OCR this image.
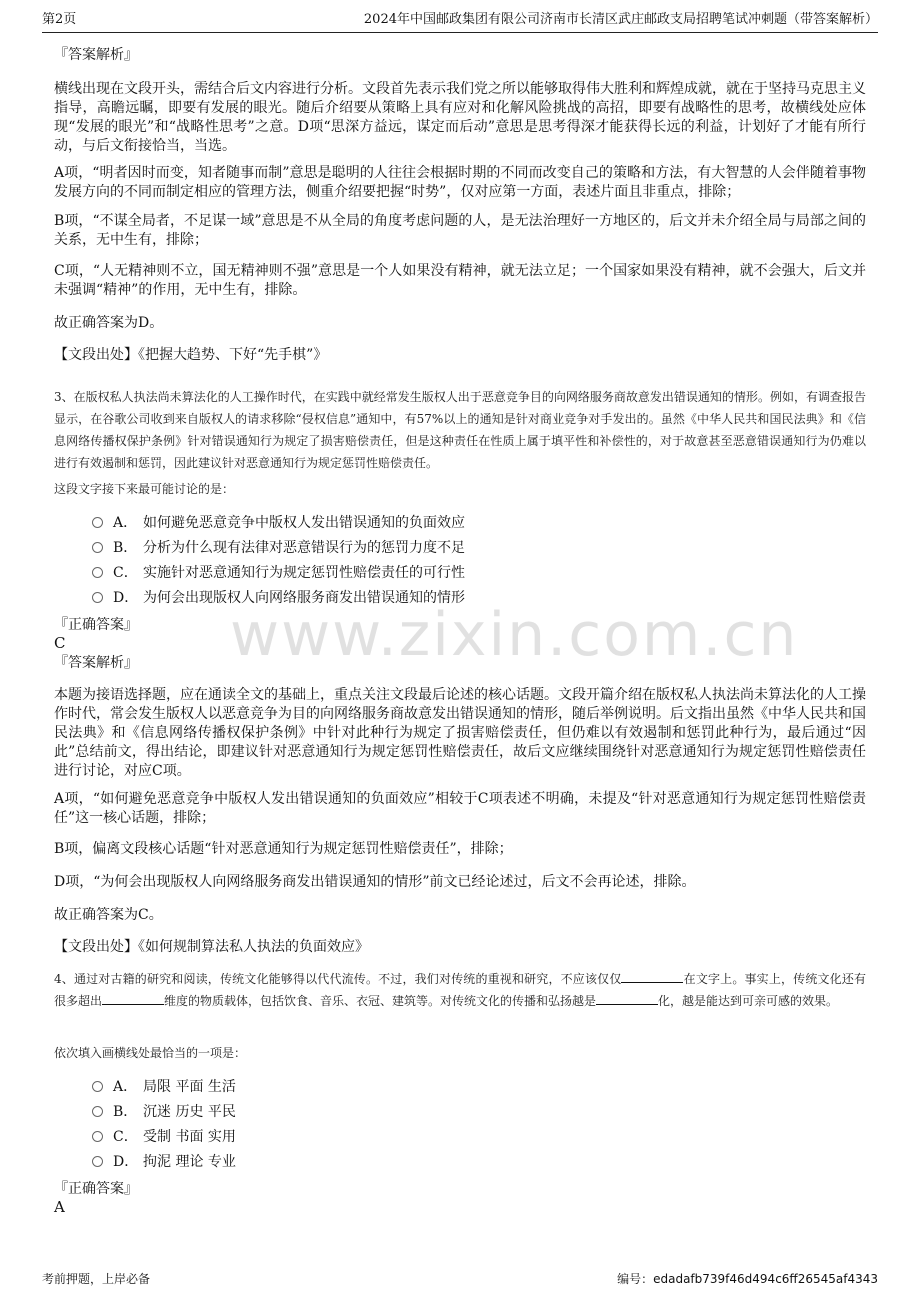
第2页	2024年中国邮政集团有限公司济南市长清区武庄邮政支局招聘笔试冲刺题（带答案解析）
『答案解析』
横线出现在文段开头，需结合后文内容进行分析。文段首先表示我们党之所以能够取得伟大胜利和辉煌成就，就在于坚持马克思主义指导，高瞻远瞩，即要有发展的眼光。随后介绍要从策略上具有应对和化解风险挑战的高招，即要有战略性的思考，故横线处应体现“发展的眼光”和“战略性思考”之意。D项“思深方益远，谋定而后动”意思是思考得深才能获得长远的利益，计划好了才能有所行动，与后文衔接恰当，当选。
A项，“明者因时而变，知者随事而制”意思是聪明的人往往会根据时期的不同而改变自己的策略和方法，有大智慧的人会伴随着事物发展方向的不同而制定相应的管理方法，侧重介绍要把握“时势”，仅对应第一方面，表述片面且非重点，排除；
B项，“不谋全局者，不足谋一域”意思是不从全局的角度考虑问题的人，是无法治理好一方地区的，后文并未介绍全局与局部之间的关系，无中生有，排除；
C项，“人无精神则不立，国无精神则不强”意思是一个人如果没有精神，就无法立足；一个国家如果没有精神，就不会强大，后文并未强调“精神”的作用，无中生有，排除。
故正确答案为D。
【文段出处】《把握大趋势、下好“先手棋”》
3、在版权私人执法尚未算法化的人工操作时代，在实践中就经常发生版权人出于恶意竞争目的向网络服务商故意发出错误通知的情形。例如，有调查报告显示，在谷歌公司收到来自版权人的请求移除“侵权信息”通知中，有57%以上的通知是针对商业竞争对手发出的。虽然《中华人民共和国民法典》和《信息网络传播权保护条例》针对错误通知行为规定了损害赔偿责任，但是这种责任在性质上属于填平性和补偿性的，对于故意甚至恶意错误通知行为仍难以进行有效遏制和惩罚，因此建议针对恶意通知行为规定惩罚性赔偿责任。
这段文字接下来最可能讨论的是：
A． 如何避免恶意竞争中版权人发出错误通知的负面效应
B． 分析为什么现有法律对恶意错误行为的惩罚力度不足
C． 实施针对恶意通知行为规定惩罚性赔偿责任的可行性
D． 为何会出现版权人向网络服务商发出错误通知的情形
『正确答案』
C
『答案解析』
本题为接语选择题，应在通读全文的基础上，重点关注文段最后论述的核心话题。文段开篇介绍在版权私人执法尚未算法化的人工操作时代，常会发生版权人以恶意竞争为目的向网络服务商故意发出错误通知的情形，随后举例说明。后文指出虽然《中华人民共和国民法典》和《信息网络传播权保护条例》中针对此种行为规定了损害赔偿责任，但仍难以有效遏制和惩罚此种行为，最后通过“因此”总结前文，得出结论，即建议针对恶意通知行为规定惩罚性赔偿责任，故后文应继续围绕针对恶意通知行为规定惩罚性赔偿责任进行讨论，对应C项。
A项，“如何避免恶意竞争中版权人发出错误通知的负面效应”相较于C项表述不明确，未提及“针对恶意通知行为规定惩罚性赔偿责任”这一核心话题，排除；
B项，偏离文段核心话题“针对恶意通知行为规定惩罚性赔偿责任”，排除；
D项，“为何会出现版权人向网络服务商发出错误通知的情形”前文已经论述过，后文不会再论述，排除。
故正确答案为C。
【文段出处】《如何规制算法私人执法的负面效应》
4、通过对古籍的研究和阅读，传统文化能够得以代代流传。不过，我们对传统的重视和研究，不应该仅仅	在文字上。事实上，传统文化还有很多超出	维度的物质载体，包括饮食、音乐、衣冠、建筑等。对传统文化的传播和弘扬越是	化，越是能达到可亲可感的效果。
依次填入画横线处最恰当的一项是：
A． 局限 平面 生活
B． 沉迷 历史 平民
C． 受制 书面 实用
D． 拘泥 理论 专业
『正确答案』
A
www.zixin.com.cn
考前押题，上岸必备	编号：edadafb739f46d494c6ff26545af4343
